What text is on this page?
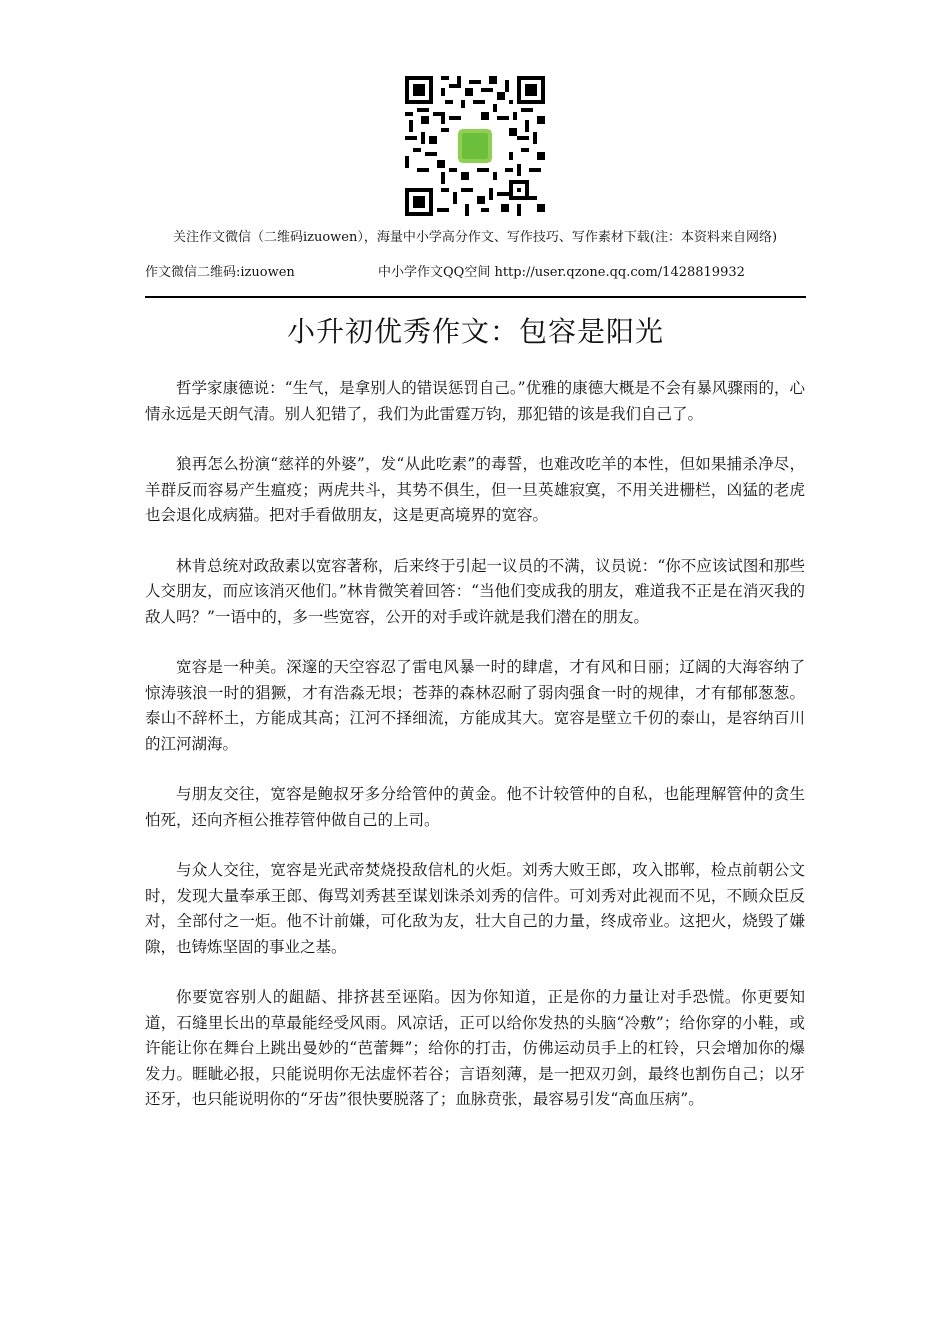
关注作文微信（二维码izuowen），海量中小学高分作文、写作技巧、写作素材下载(注：本资料来自网络)
作文微信二维码:izuowen	中小学作文QQ空间 http://user.qzone.qq.com/1428819932
小升初优秀作文：包容是阳光

哲学家康德说：“生气，是拿别人的错误惩罚自己。”优雅的康德大概是不会有暴风骤雨的，心情永远是天朗气清。别人犯错了，我们为此雷霆万钧，那犯错的该是我们自己了。

狼再怎么扮演“慈祥的外婆”，发“从此吃素”的毒誓，也难改吃羊的本性，但如果捕杀净尽，羊群反而容易产生瘟疫；两虎共斗，其势不俱生，但一旦英雄寂寞，不用关进栅栏，凶猛的老虎也会退化成病猫。把对手看做朋友，这是更高境界的宽容。

林肯总统对政敌素以宽容著称，后来终于引起一议员的不满，议员说：“你不应该试图和那些人交朋友，而应该消灭他们。”林肯微笑着回答：“当他们变成我的朋友，难道我不正是在消灭我的敌人吗？”一语中的，多一些宽容，公开的对手或许就是我们潜在的朋友。

宽容是一种美。深邃的天空容忍了雷电风暴一时的肆虐，才有风和日丽；辽阔的大海容纳了惊涛骇浪一时的猖獗，才有浩淼无垠；苍莽的森林忍耐了弱肉强食一时的规律，才有郁郁葱葱。泰山不辞杯土，方能成其高；江河不择细流，方能成其大。宽容是壁立千仞的泰山，是容纳百川的江河湖海。

与朋友交往，宽容是鲍叔牙多分给管仲的黄金。他不计较管仲的自私，也能理解管仲的贪生怕死，还向齐桓公推荐管仲做自己的上司。

与众人交往，宽容是光武帝焚烧投敌信札的火炬。刘秀大败王郎，攻入邯郸，检点前朝公文时，发现大量奉承王郎、侮骂刘秀甚至谋划诛杀刘秀的信件。可刘秀对此视而不见，不顾众臣反对，全部付之一炬。他不计前嫌，可化敌为友，壮大自己的力量，终成帝业。这把火，烧毁了嫌隙，也铸炼坚固的事业之基。

你要宽容别人的龃龉、排挤甚至诬陷。因为你知道，正是你的力量让对手恐慌。你更要知道，石缝里长出的草最能经受风雨。风凉话，正可以给你发热的头脑“冷敷”；给你穿的小鞋，或许能让你在舞台上跳出曼妙的“芭蕾舞”；给你的打击，仿佛运动员手上的杠铃，只会增加你的爆发力。睚眦必报，只能说明你无法虚怀若谷；言语刻薄，是一把双刃剑，最终也割伤自己；以牙还牙，也只能说明你的“牙齿”很快要脱落了；血脉贲张，最容易引发“高血压病”。
